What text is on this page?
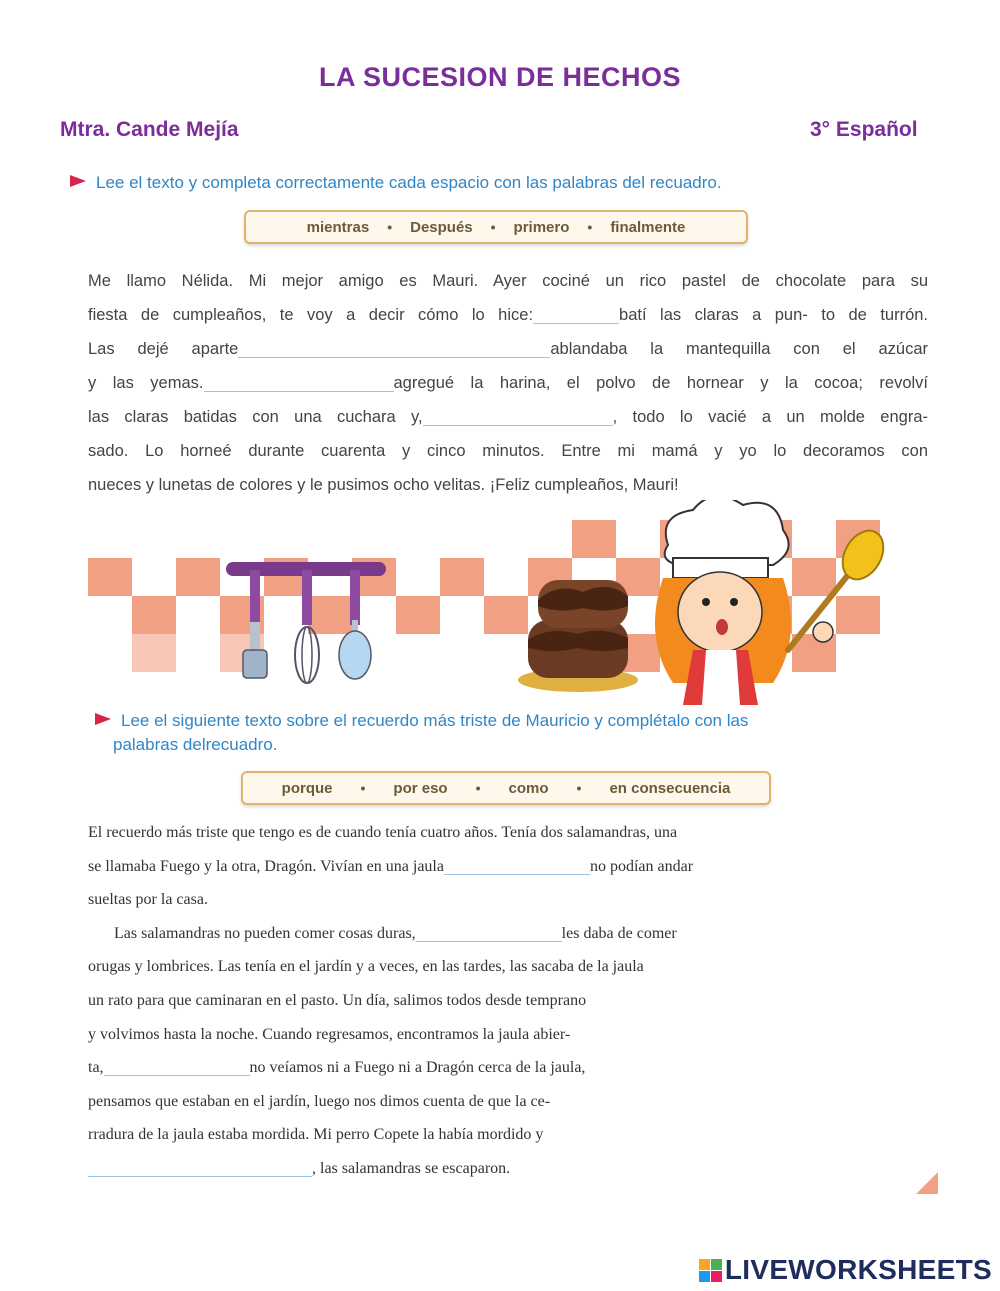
LA SUCESION DE HECHOS
Mtra. Cande Mejía	3° Español
Lee el texto y completa correctamente cada espacio con las palabras del recuadro.
mientras • Después • primero • finalmente
Me llamo Nélida. Mi mejor amigo es Mauri. Ayer cociné un rico pastel de chocolate para su
fiesta de cumpleaños, te voy a decir cómo lo hice:	batí las claras a pun- to de turrón.
Las dejé aparte	ablandaba la mantequilla con el azúcar
y las yemas.	agregué la harina, el polvo de hornear y la cocoa; revolví
las claras batidas con una cuchara y,	, todo lo vacié a un molde engra-
sado. Lo horneé durante cuarenta y cinco minutos. Entre mi mamá y yo lo decoramos con
nueces y lunetas de colores y le pusimos ocho velitas. ¡Feliz cumpleaños, Mauri!
Lee el siguiente texto sobre el recuerdo más triste de Mauricio y complétalo con las
palabras delrecuadro.
porque • por eso • como • en consecuencia
El recuerdo más triste que tengo es de cuando tenía cuatro años. Tenía dos salamandras, una
se llamaba Fuego y la otra, Dragón. Vivían en una jaula	no podían andar
sueltas por la casa.
Las salamandras no pueden comer cosas duras,	les daba de comer
orugas y lombrices. Las tenía en el jardín y a veces, en las tardes, las sacaba de la jaula
un rato para que caminaran en el pasto. Un día, salimos todos desde temprano
y volvimos hasta la noche. Cuando regresamos, encontramos la jaula abier-
ta,	no veíamos ni a Fuego ni a Dragón cerca de la jaula,
pensamos que estaban en el jardín, luego nos dimos cuenta de que la ce-
rradura de la jaula estaba mordida. Mi perro Copete la había mordido y
, las salamandras se escaparon.
LIVEWORKSHEETS
